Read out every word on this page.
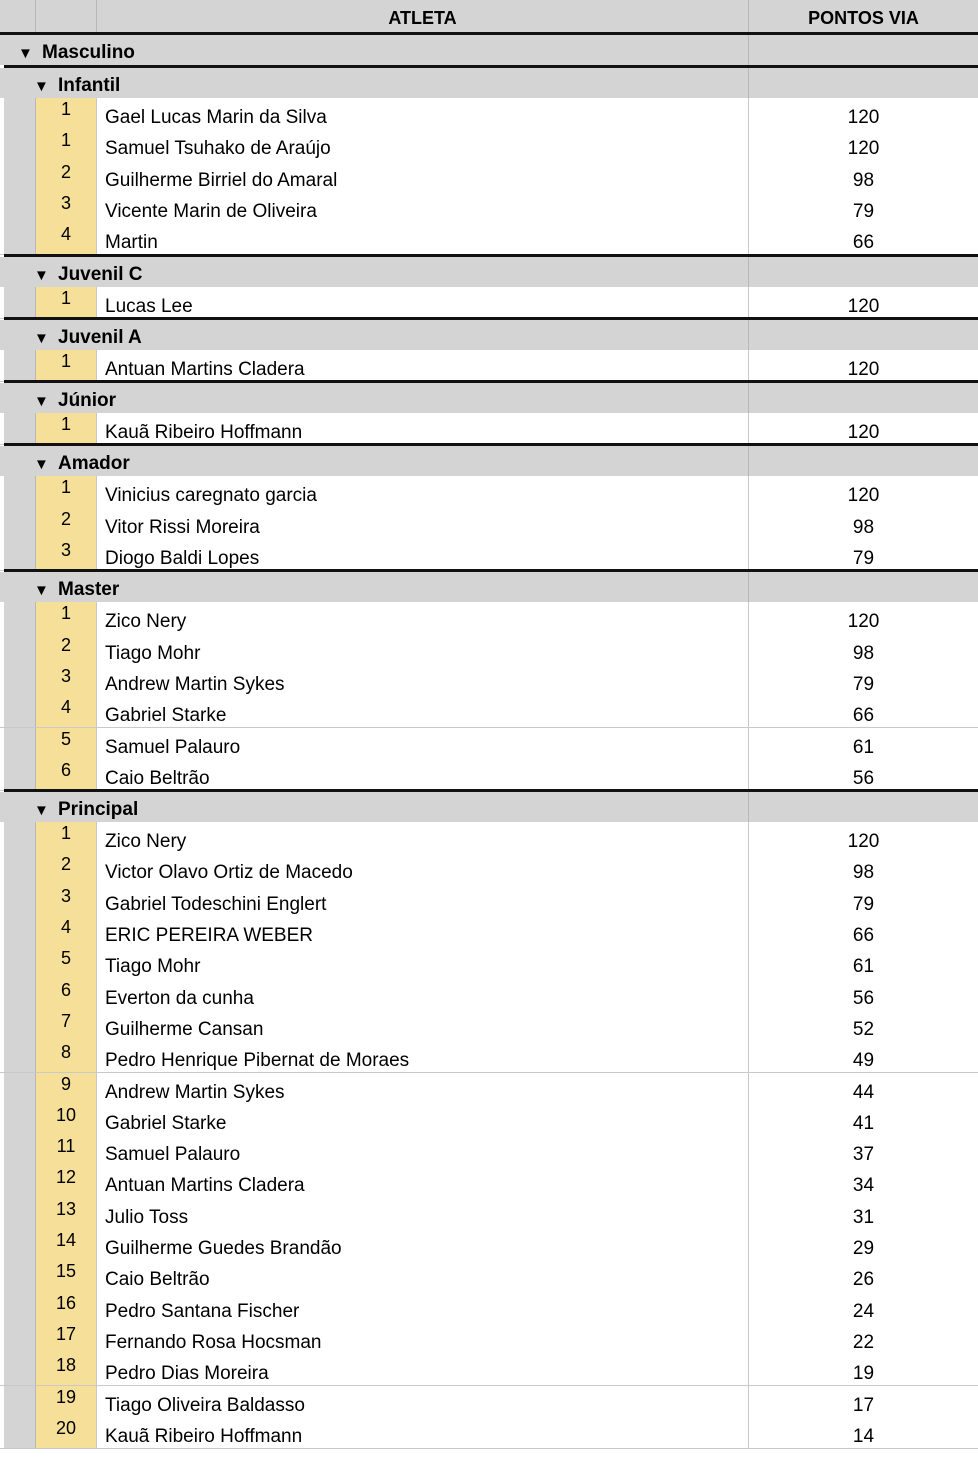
ATLETA	PONTOS VIA
▼ Masculino
▼ Infantil
1	Gael Lucas Marin da Silva	120
1	Samuel Tsuhako de Araújo	120
2	Guilherme Birriel do Amaral	98
3	Vicente Marin de Oliveira	79
4	Martin	66
▼ Juvenil C
1	Lucas Lee	120
▼ Juvenil A
1	Antuan Martins Cladera	120
▼ Júnior
1	Kauã Ribeiro Hoffmann	120
▼ Amador
1	Vinicius caregnato garcia	120
2	Vitor Rissi Moreira	98
3	Diogo Baldi Lopes	79
▼ Master
1	Zico Nery	120
2	Tiago Mohr	98
3	Andrew Martin Sykes	79
4	Gabriel Starke	66
5	Samuel Palauro	61
6	Caio Beltrão	56
▼ Principal
1	Zico Nery	120
2	Victor Olavo Ortiz de Macedo	98
3	Gabriel Todeschini Englert	79
4	ERIC PEREIRA WEBER	66
5	Tiago Mohr	61
6	Everton da cunha	56
7	Guilherme Cansan	52
8	Pedro Henrique Pibernat de Moraes	49
9	Andrew Martin Sykes	44
10	Gabriel Starke	41
11	Samuel Palauro	37
12	Antuan Martins Cladera	34
13	Julio Toss	31
14	Guilherme Guedes Brandão	29
15	Caio Beltrão	26
16	Pedro Santana Fischer	24
17	Fernando Rosa Hocsman	22
18	Pedro Dias Moreira	19
19	Tiago Oliveira Baldasso	17
20	Kauã Ribeiro Hoffmann	14
